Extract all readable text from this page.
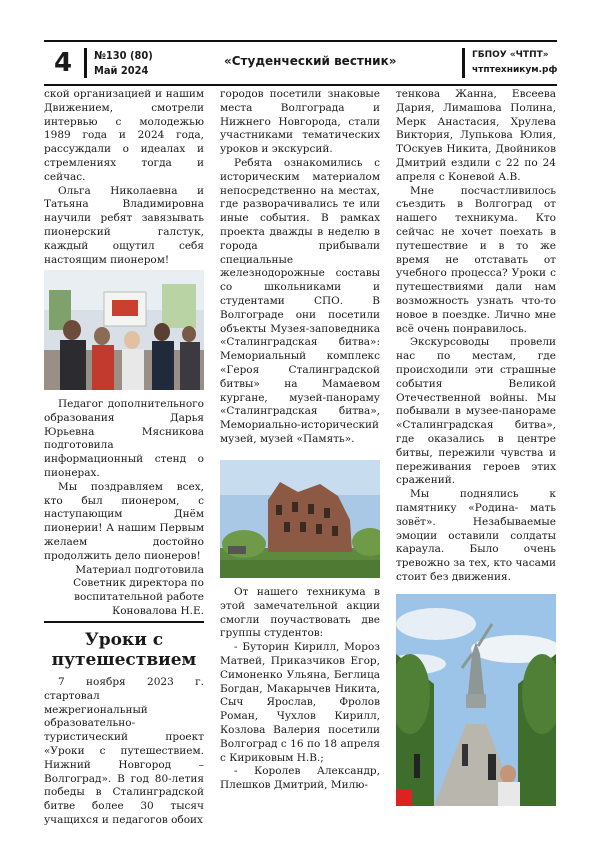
4 №130 (80)
Май 2024
«Студенческий вестник»	ГБПОУ «ЧТПТ»
чтптехникум.рф

ской организацией и нашим Движением, смотрели интервью с молодежью 1989 года и 2024 года, рассуждали о идеалах и стремлениях тогда и сейчас.

Ольга Николаевна и Татьяна Владимировна научили ребят завязывать пионерский галстук, каждый ощутил себя настоящим пионером!

Педагог дополнительного образования Дарья Юрьевна Мясникова подготовила информационный стенд о пионерах.

Мы поздравляем всех, кто был пионером, с наступающим Днём пионерии! А нашим Первым желаем достойно продолжить дело пионеров!

Материал подготовила Советник директора по воспитательной работе Коновалова Н.Е.

Уроки с путешествием

7 ноября 2023 г. стартовал межрегиональный образовательно-туристический проект «Уроки с путешествием. Нижний Новгород – Волгоград». В год 80-летия победы в Сталинградской битве более 30 тысяч учащихся и педагогов обоих

городов посетили знаковые места Волгограда и Нижнего Новгорода, стали участниками тематических уроков и экскурсий.

Ребята ознакомились с историческим материалом непосредственно на местах, где разворачивались те или иные события. В рамках проекта дважды в неделю в города прибывали специальные железнодорожные составы со школьниками и студентами СПО. В Волгограде они посетили объекты Музея-заповедника «Сталинградская битва»: Мемориальный комплекс «Героя Сталинградской битвы» на Мамаевом кургане, музей-панораму «Сталинградская битва», Мемориально-исторический музей, музей «Память».

От нашего техникума в этой замечательной акции смогли поучаствовать две группы студентов:

- Буторин Кирилл, Мороз Матвей, Приказчиков Егор, Симоненко Ульяна, Беглица Богдан, Макарычев Никита, Сыч Ярослав, Фролов Роман, Чухлов Кирилл, Козлова Валерия посетили Волгоград с 16 по 18 апреля с Кириковым Н.В.;

- Королев Александр, Плешков Дмитрий, Милю-

тенкова Жанна, Евсеева Дария, Лимашова Полина, Мерк Анастасия, Хрулева Виктория, Лупькова Юлия, ТОскуев Никита, Двойников Дмитрий ездили с 22 по 24 апреля с Коневой А.В.

Мне посчастливилось съездить в Волгоград от нашего техникума. Кто сейчас не хочет поехать в путешествие и в то же время не отставать от учебного процесса? Уроки с путешествиями дали нам возможность узнать что-то новое в поездке. Лично мне всё очень понравилось.

Экскурсоводы провели нас по местам, где происходили эти страшные события Великой Отечественной войны. Мы побывали в музее-панораме «Сталинградская битва», где оказались в центре битвы, пережили чувства и переживания героев этих сражений.

Мы поднялись к памятнику «Родина- мать зовёт». Незабываемые эмоции оставили солдаты караула. Было очень тревожно за тех, кто часами стоит без движения.
